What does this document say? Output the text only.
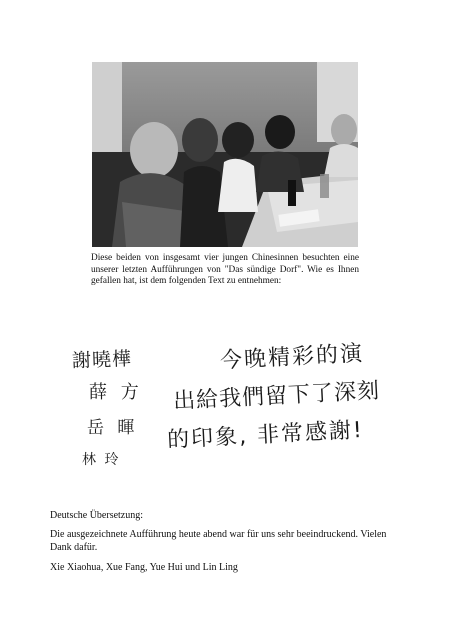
Diese beiden von insgesamt vier jungen Chinesinnen besuchten eine unserer letzten Aufführungen von "Das sündige Dorf". Wie es Ihnen gefallen hat, ist dem folgenden Text zu entnehmen:
謝曉樺
薛 方
岳 暉
林 玲
今晚精彩的演
出給我們留下了深刻
的印象, 非常感謝!
Deutsche Übersetzung:
Die ausgezeichnete Aufführung heute abend war für uns sehr beeindruckend. Vielen Dank dafür.
Xie Xiaohua, Xue Fang, Yue Hui und Lin Ling
